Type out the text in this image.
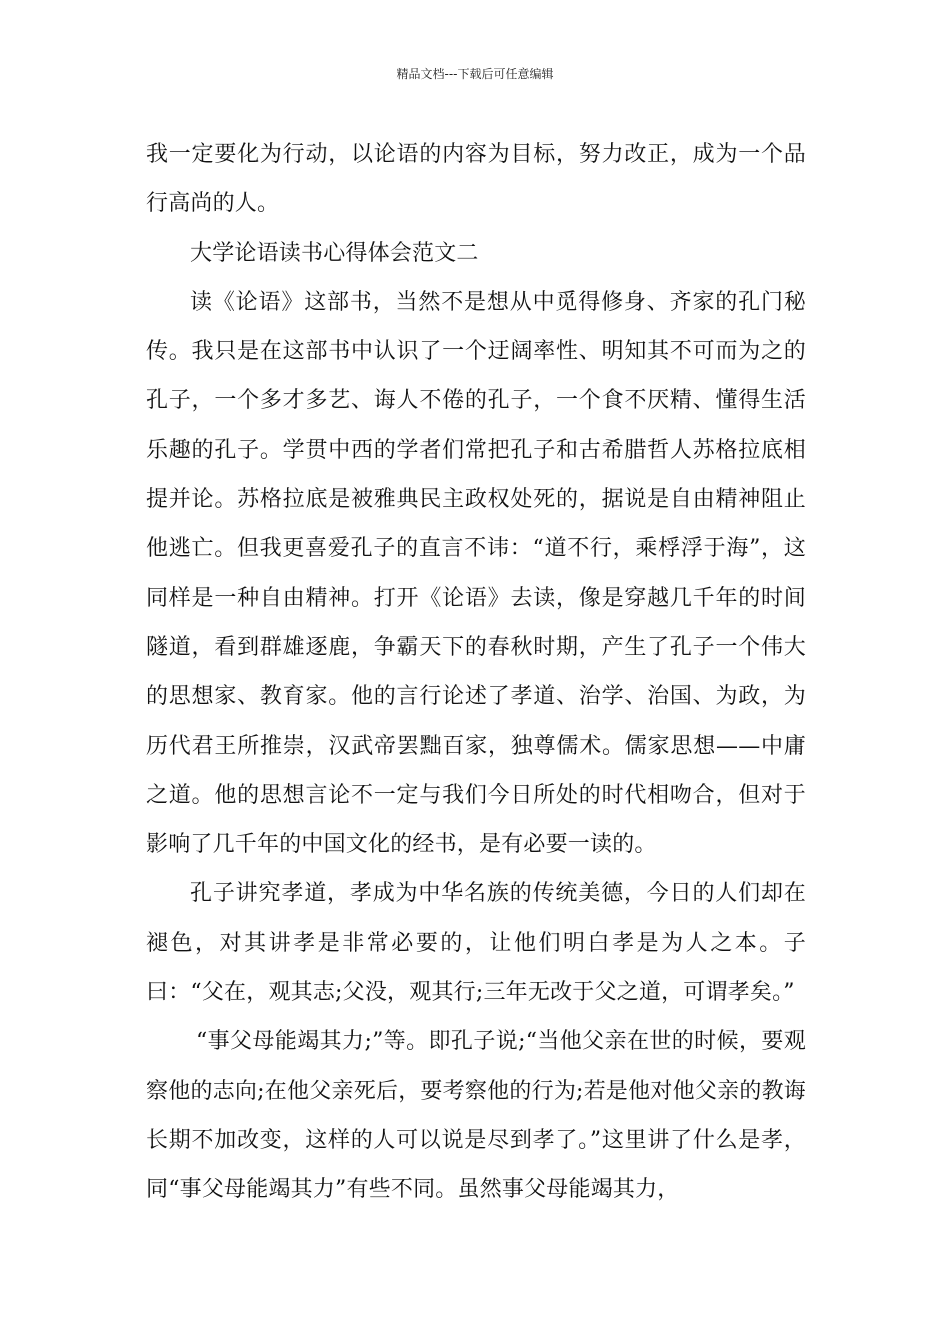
精品文档---下载后可任意编辑

我一定要化为行动，以论语的内容为目标，努力改正，成为一个品行高尚的人。

大学论语读书心得体会范文二

读《论语》这部书，当然不是想从中觅得修身、齐家的孔门秘传。我只是在这部书中认识了一个迂阔率性、明知其不可而为之的孔子，一个多才多艺、诲人不倦的孔子，一个食不厌精、懂得生活乐趣的孔子。学贯中西的学者们常把孔子和古希腊哲人苏格拉底相提并论。苏格拉底是被雅典民主政权处死的，据说是自由精神阻止他逃亡。但我更喜爱孔子的直言不讳：“道不行，乘桴浮于海”，这同样是一种自由精神。打开《论语》去读，像是穿越几千年的时间隧道，看到群雄逐鹿，争霸天下的春秋时期，产生了孔子一个伟大的思想家、教育家。他的言行论述了孝道、治学、治国、为政，为历代君王所推崇，汉武帝罢黜百家，独尊儒术。儒家思想——中庸之道。他的思想言论不一定与我们今日所处的时代相吻合，但对于影响了几千年的中国文化的经书，是有必要一读的。

孔子讲究孝道，孝成为中华名族的传统美德，今日的人们却在褪色，对其讲孝是非常必要的，让他们明白孝是为人之本。子曰：“父在，观其志;父没，观其行;三年无改于父之道，可谓孝矣。”

“事父母能竭其力;”等。即孔子说;“当他父亲在世的时候，要观察他的志向;在他父亲死后，要考察他的行为;若是他对他父亲的教诲长期不加改变，这样的人可以说是尽到孝了。”这里讲了什么是孝，同“事父母能竭其力”有些不同。虽然事父母能竭其力，
